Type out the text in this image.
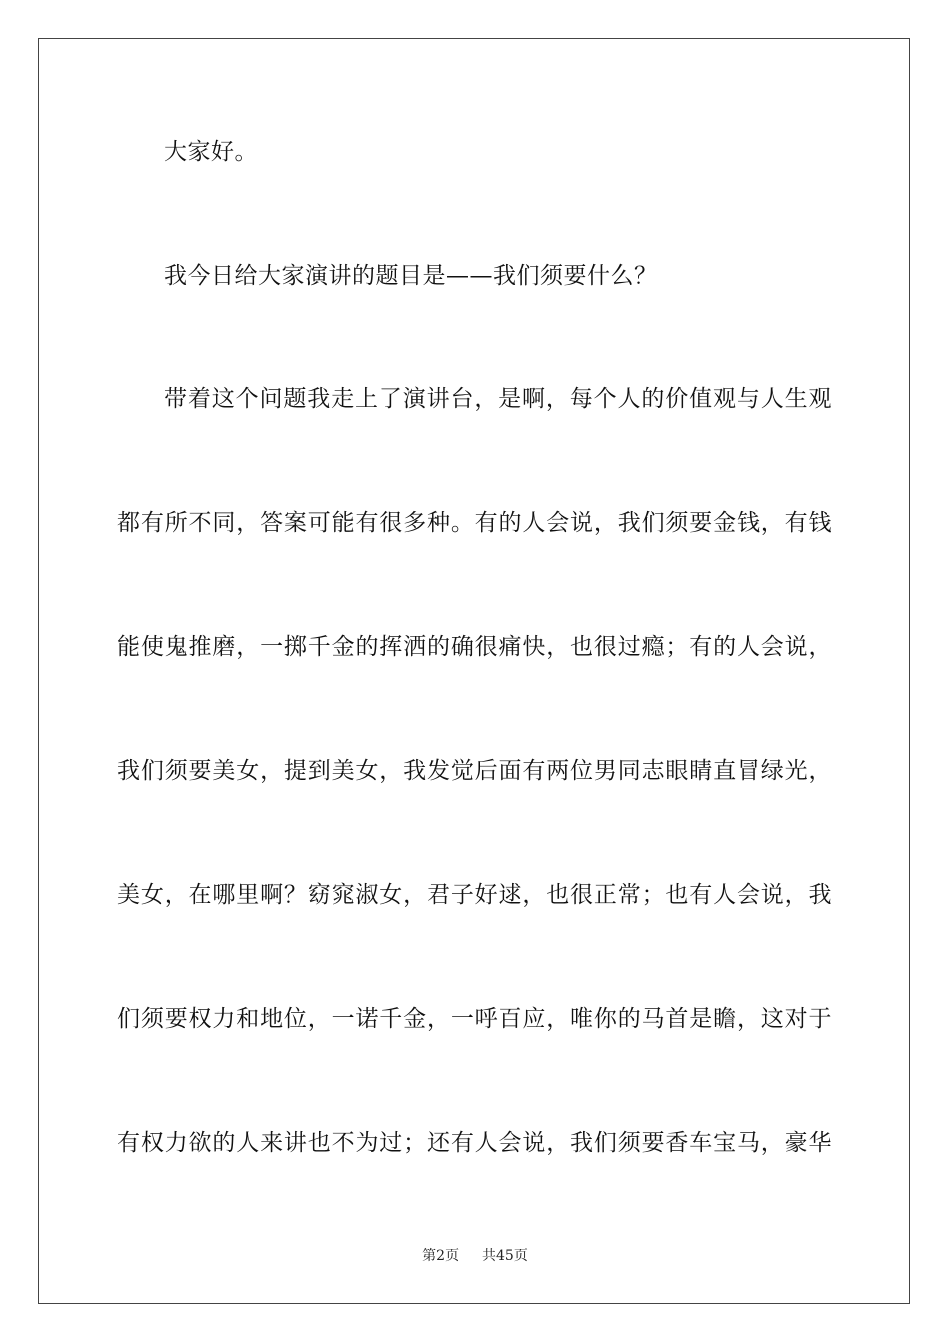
大家好。
我今日给大家演讲的题目是——我们须要什么？
带着这个问题我走上了演讲台，是啊，每个人的价值观与人生观
都有所不同，答案可能有很多种。有的人会说，我们须要金钱，有钱
能使鬼推磨，一掷千金的挥洒的确很痛快，也很过瘾；有的人会说，
我们须要美女，提到美女，我发觉后面有两位男同志眼睛直冒绿光，
美女，在哪里啊？窈窕淑女，君子好逑，也很正常；也有人会说，我
们须要权力和地位，一诺千金，一呼百应，唯你的马首是瞻，这对于
有权力欲的人来讲也不为过；还有人会说，我们须要香车宝马，豪华
第2页 共45页
